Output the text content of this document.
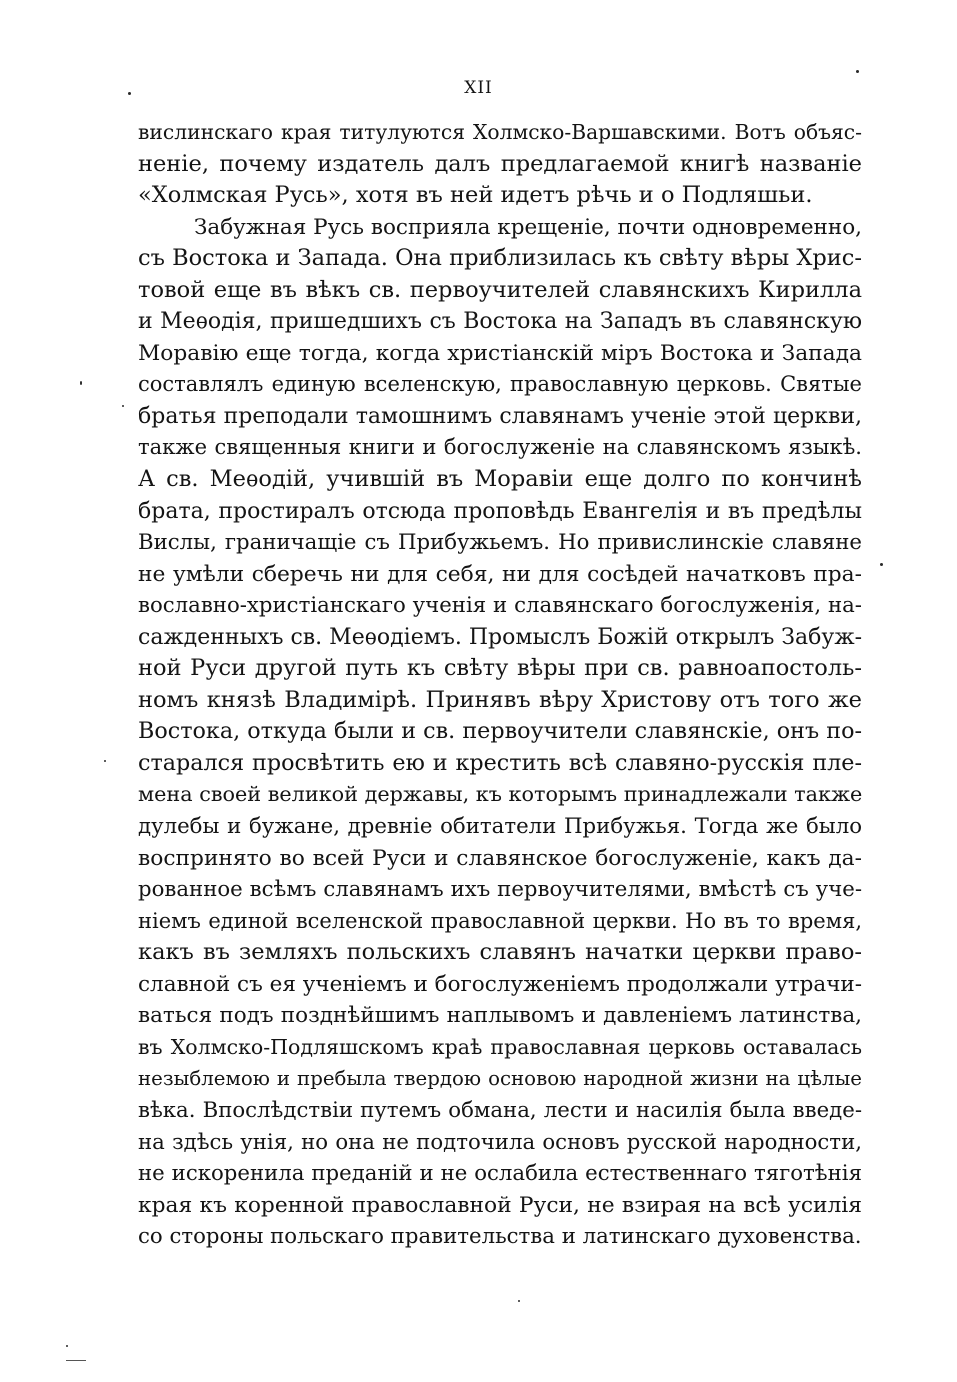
XII
вислинскаго края титулуются Холмско-Варшавскими. Вотъ объяс-
неніе, почему издатель далъ предлагаемой книгѣ названіе
«Холмская Русь», хотя въ ней идетъ рѣчь и о Подляшьи.
Забужная Русь восприяла крещеніе, почти одновременно,
съ Востока и Запада. Она приблизилась къ свѣту вѣры Хрис-
товой еще въ вѣкъ св. первоучителей славянскихъ Кирилла
и Меѳодія, пришедшихъ съ Востока на Западъ въ славянскую
Моравію еще тогда, когда христіанскій міръ Востока и Запада
составлялъ единую вселенскую, православную церковь. Святые
братья преподали тамошнимъ славянамъ ученіе этой церкви,
также священныя книги и богослуженіе на славянскомъ языкѣ.
А св. Меѳодій, учившій въ Моравіи еще долго по кончинѣ
брата, простиралъ отсюда проповѣдь Евангелія и въ предѣлы
Вислы, граничащіе съ Прибужьемъ. Но привислинскіе славяне
не умѣли сберечь ни для себя, ни для сосѣдей начатковъ пра-
вославно-христіанскаго ученія и славянскаго богослуженія, на-
сажденныхъ св. Меѳодіемъ. Промыслъ Божій открылъ Забуж-
ной Руси другой путь къ свѣту вѣры при св. равноапостоль-
номъ князѣ Владимірѣ. Принявъ вѣру Христову отъ того же
Востока, откуда были и св. первоучители славянскіе, онъ по-
старался просвѣтить ею и крестить всѣ славяно-русскія пле-
мена своей великой державы, къ которымъ принадлежали также
дулебы и бужане, древніе обитатели Прибужья. Тогда же было
воспринято во всей Руси и славянское богослуженіе, какъ да-
рованное всѣмъ славянамъ ихъ первоучителями, вмѣстѣ съ уче-
ніемъ единой вселенской православной церкви. Но въ то время,
какъ въ земляхъ польскихъ славянъ начатки церкви право-
славной съ ея ученіемъ и богослуженіемъ продолжали утрачи-
ваться подъ позднѣйшимъ наплывомъ и давленіемъ латинства,
въ Холмско-Подляшскомъ краѣ православная церковь оставалась
незыблемою и пребыла твердою основою народной жизни на цѣлые
вѣка. Впослѣдствіи путемъ обмана, лести и насилія была введе-
на здѣсь унія, но она не подточила основъ русской народности,
не искоренила преданій и не ослабила естественнаго тяготѣнія
края къ коренной православной Руси, не взирая на всѣ усилія
со стороны польскаго правительства и латинскаго духовенства.
